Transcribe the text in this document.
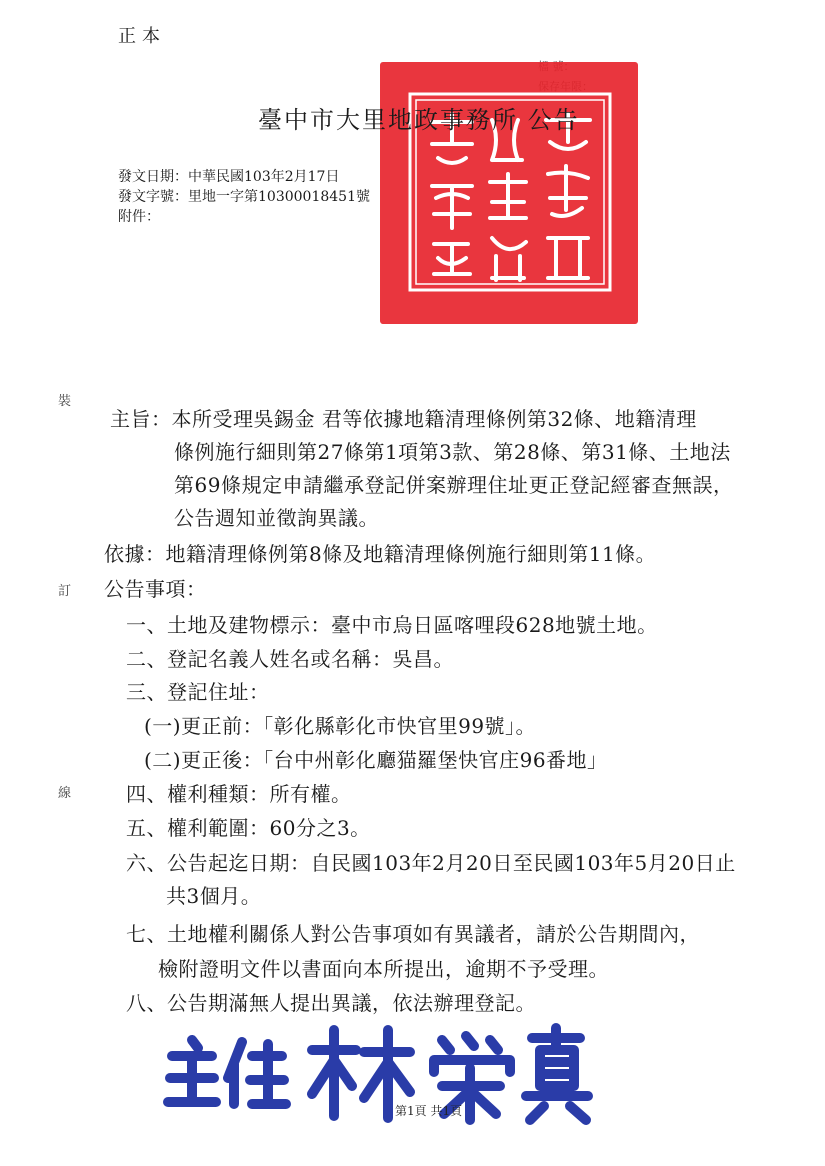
正本
臺中市大里地政事務所 公告
發文日期：中華民國103年2月17日
發文字號：里地一字第10300018451號
附件：
裝
訂
線
主旨：本所受理吳錫金 君等依據地籍清理條例第32條、地籍清理
條例施行細則第27條第1項第3款、第28條、第31條、土地法
第69條規定申請繼承登記併案辦理住址更正登記經審查無誤，
公告週知並徵詢異議。
依據：地籍清理條例第8條及地籍清理條例施行細則第11條。
公告事項：
一、土地及建物標示：臺中市烏日區喀哩段628地號土地。
二、登記名義人姓名或名稱：吳昌。
三、登記住址：
(一)更正前：「彰化縣彰化市快官里99號」。
(二)更正後：「台中州彰化廳猫羅堡快官庄96番地」
四、權利種類：所有權。
五、權利範圍：60分之3。
六、公告起迄日期：自民國103年2月20日至民國103年5月20日止
共3個月。
七、土地權利關係人對公告事項如有異議者，請於公告期間內，
檢附證明文件以書面向本所提出，逾期不予受理。
八、公告期滿無人提出異議，依法辦理登記。
第1頁 共1頁
